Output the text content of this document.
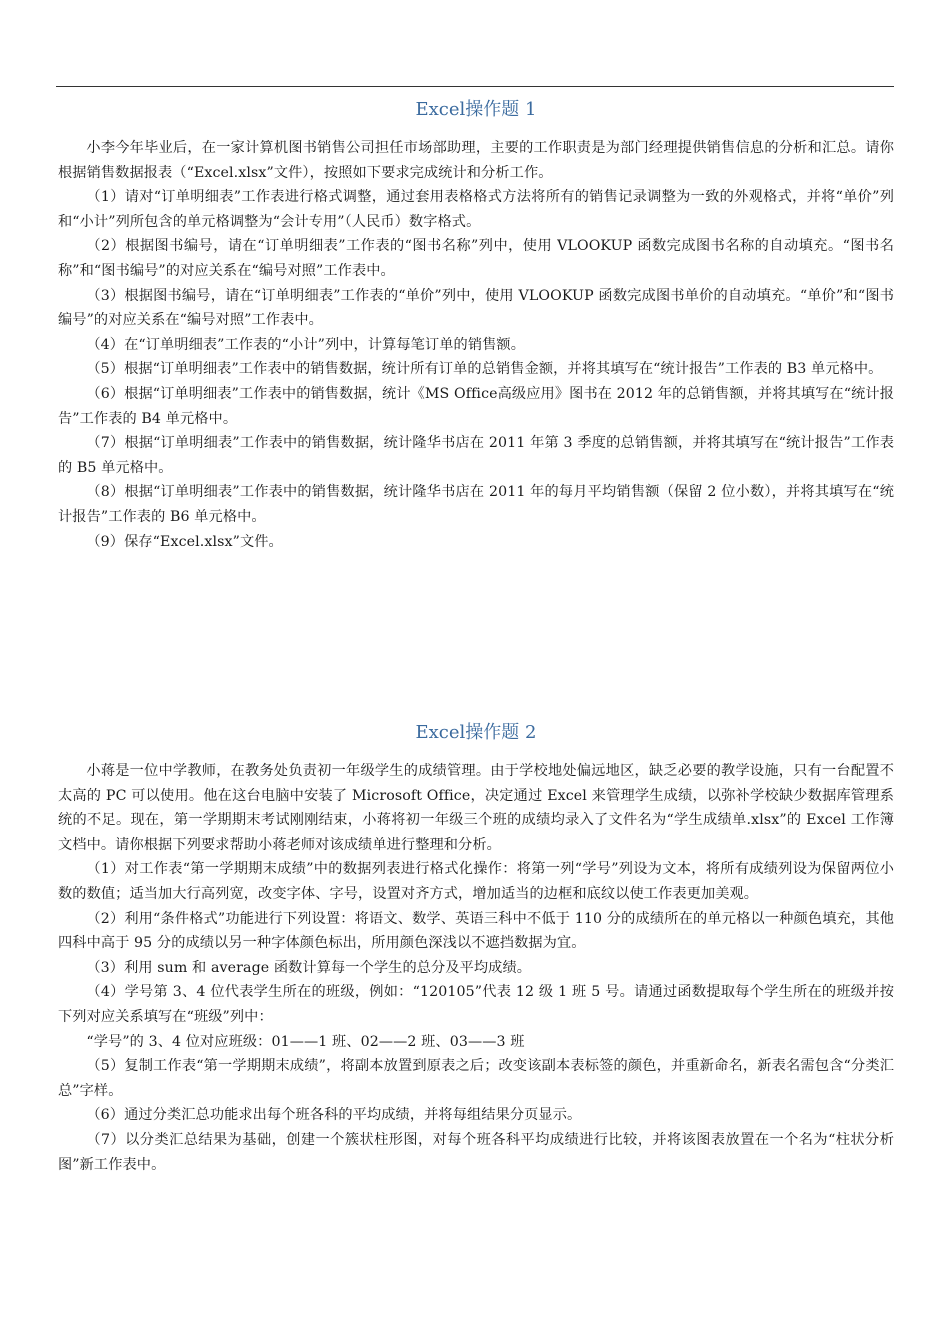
Excel操作题 1

小李今年毕业后，在一家计算机图书销售公司担任市场部助理，主要的工作职责是为部门经理提供销售信息的分析和汇总。请你根据销售数据报表（“Excel.xlsx”文件），按照如下要求完成统计和分析工作。

（1）请对“订单明细表”工作表进行格式调整，通过套用表格格式方法将所有的销售记录调整为一致的外观格式，并将“单价”列和“小计”列所包含的单元格调整为“会计专用”（人民币）数字格式。

（2）根据图书编号，请在“订单明细表”工作表的“图书名称”列中，使用 VLOOKUP 函数完成图书名称的自动填充。“图书名称”和“图书编号”的对应关系在“编号对照”工作表中。

（3）根据图书编号，请在“订单明细表”工作表的“单价”列中，使用 VLOOKUP 函数完成图书单价的自动填充。“单价”和“图书编号”的对应关系在“编号对照”工作表中。

（4）在“订单明细表”工作表的“小计”列中，计算每笔订单的销售额。

（5）根据“订单明细表”工作表中的销售数据，统计所有订单的总销售金额，并将其填写在“统计报告”工作表的 B3 单元格中。

（6）根据“订单明细表”工作表中的销售数据，统计《MS Office高级应用》图书在 2012 年的总销售额，并将其填写在“统计报告”工作表的 B4 单元格中。

（7）根据“订单明细表”工作表中的销售数据，统计隆华书店在 2011 年第 3 季度的总销售额，并将其填写在“统计报告”工作表的 B5 单元格中。

（8）根据“订单明细表”工作表中的销售数据，统计隆华书店在 2011 年的每月平均销售额（保留 2 位小数），并将其填写在“统计报告”工作表的 B6 单元格中。

（9）保存“Excel.xlsx”文件。

Excel操作题 2

小蒋是一位中学教师，在教务处负责初一年级学生的成绩管理。由于学校地处偏远地区，缺乏必要的教学设施，只有一台配置不太高的 PC 可以使用。他在这台电脑中安装了 Microsoft Office，决定通过 Excel 来管理学生成绩，以弥补学校缺少数据库管理系统的不足。现在，第一学期期末考试刚刚结束，小蒋将初一年级三个班的成绩均录入了文件名为“学生成绩单.xlsx”的 Excel 工作簿文档中。请你根据下列要求帮助小蒋老师对该成绩单进行整理和分析。

（1）对工作表“第一学期期末成绩”中的数据列表进行格式化操作：将第一列“学号”列设为文本，将所有成绩列设为保留两位小数的数值；适当加大行高列宽，改变字体、字号，设置对齐方式，增加适当的边框和底纹以使工作表更加美观。

（2）利用“条件格式”功能进行下列设置：将语文、数学、英语三科中不低于 110 分的成绩所在的单元格以一种颜色填充，其他四科中高于 95 分的成绩以另一种字体颜色标出，所用颜色深浅以不遮挡数据为宜。

（3）利用 sum 和 average 函数计算每一个学生的总分及平均成绩。

（4）学号第 3、4 位代表学生所在的班级，例如：“120105”代表 12 级 1 班 5 号。请通过函数提取每个学生所在的班级并按下列对应关系填写在“班级”列中：

“学号”的 3、4 位对应班级：01——1 班、02——2 班、03——3 班

（5）复制工作表“第一学期期末成绩”，将副本放置到原表之后；改变该副本表标签的颜色，并重新命名，新表名需包含“分类汇总”字样。

（6）通过分类汇总功能求出每个班各科的平均成绩，并将每组结果分页显示。

（7）以分类汇总结果为基础，创建一个簇状柱形图，对每个班各科平均成绩进行比较，并将该图表放置在一个名为“柱状分析图”新工作表中。
